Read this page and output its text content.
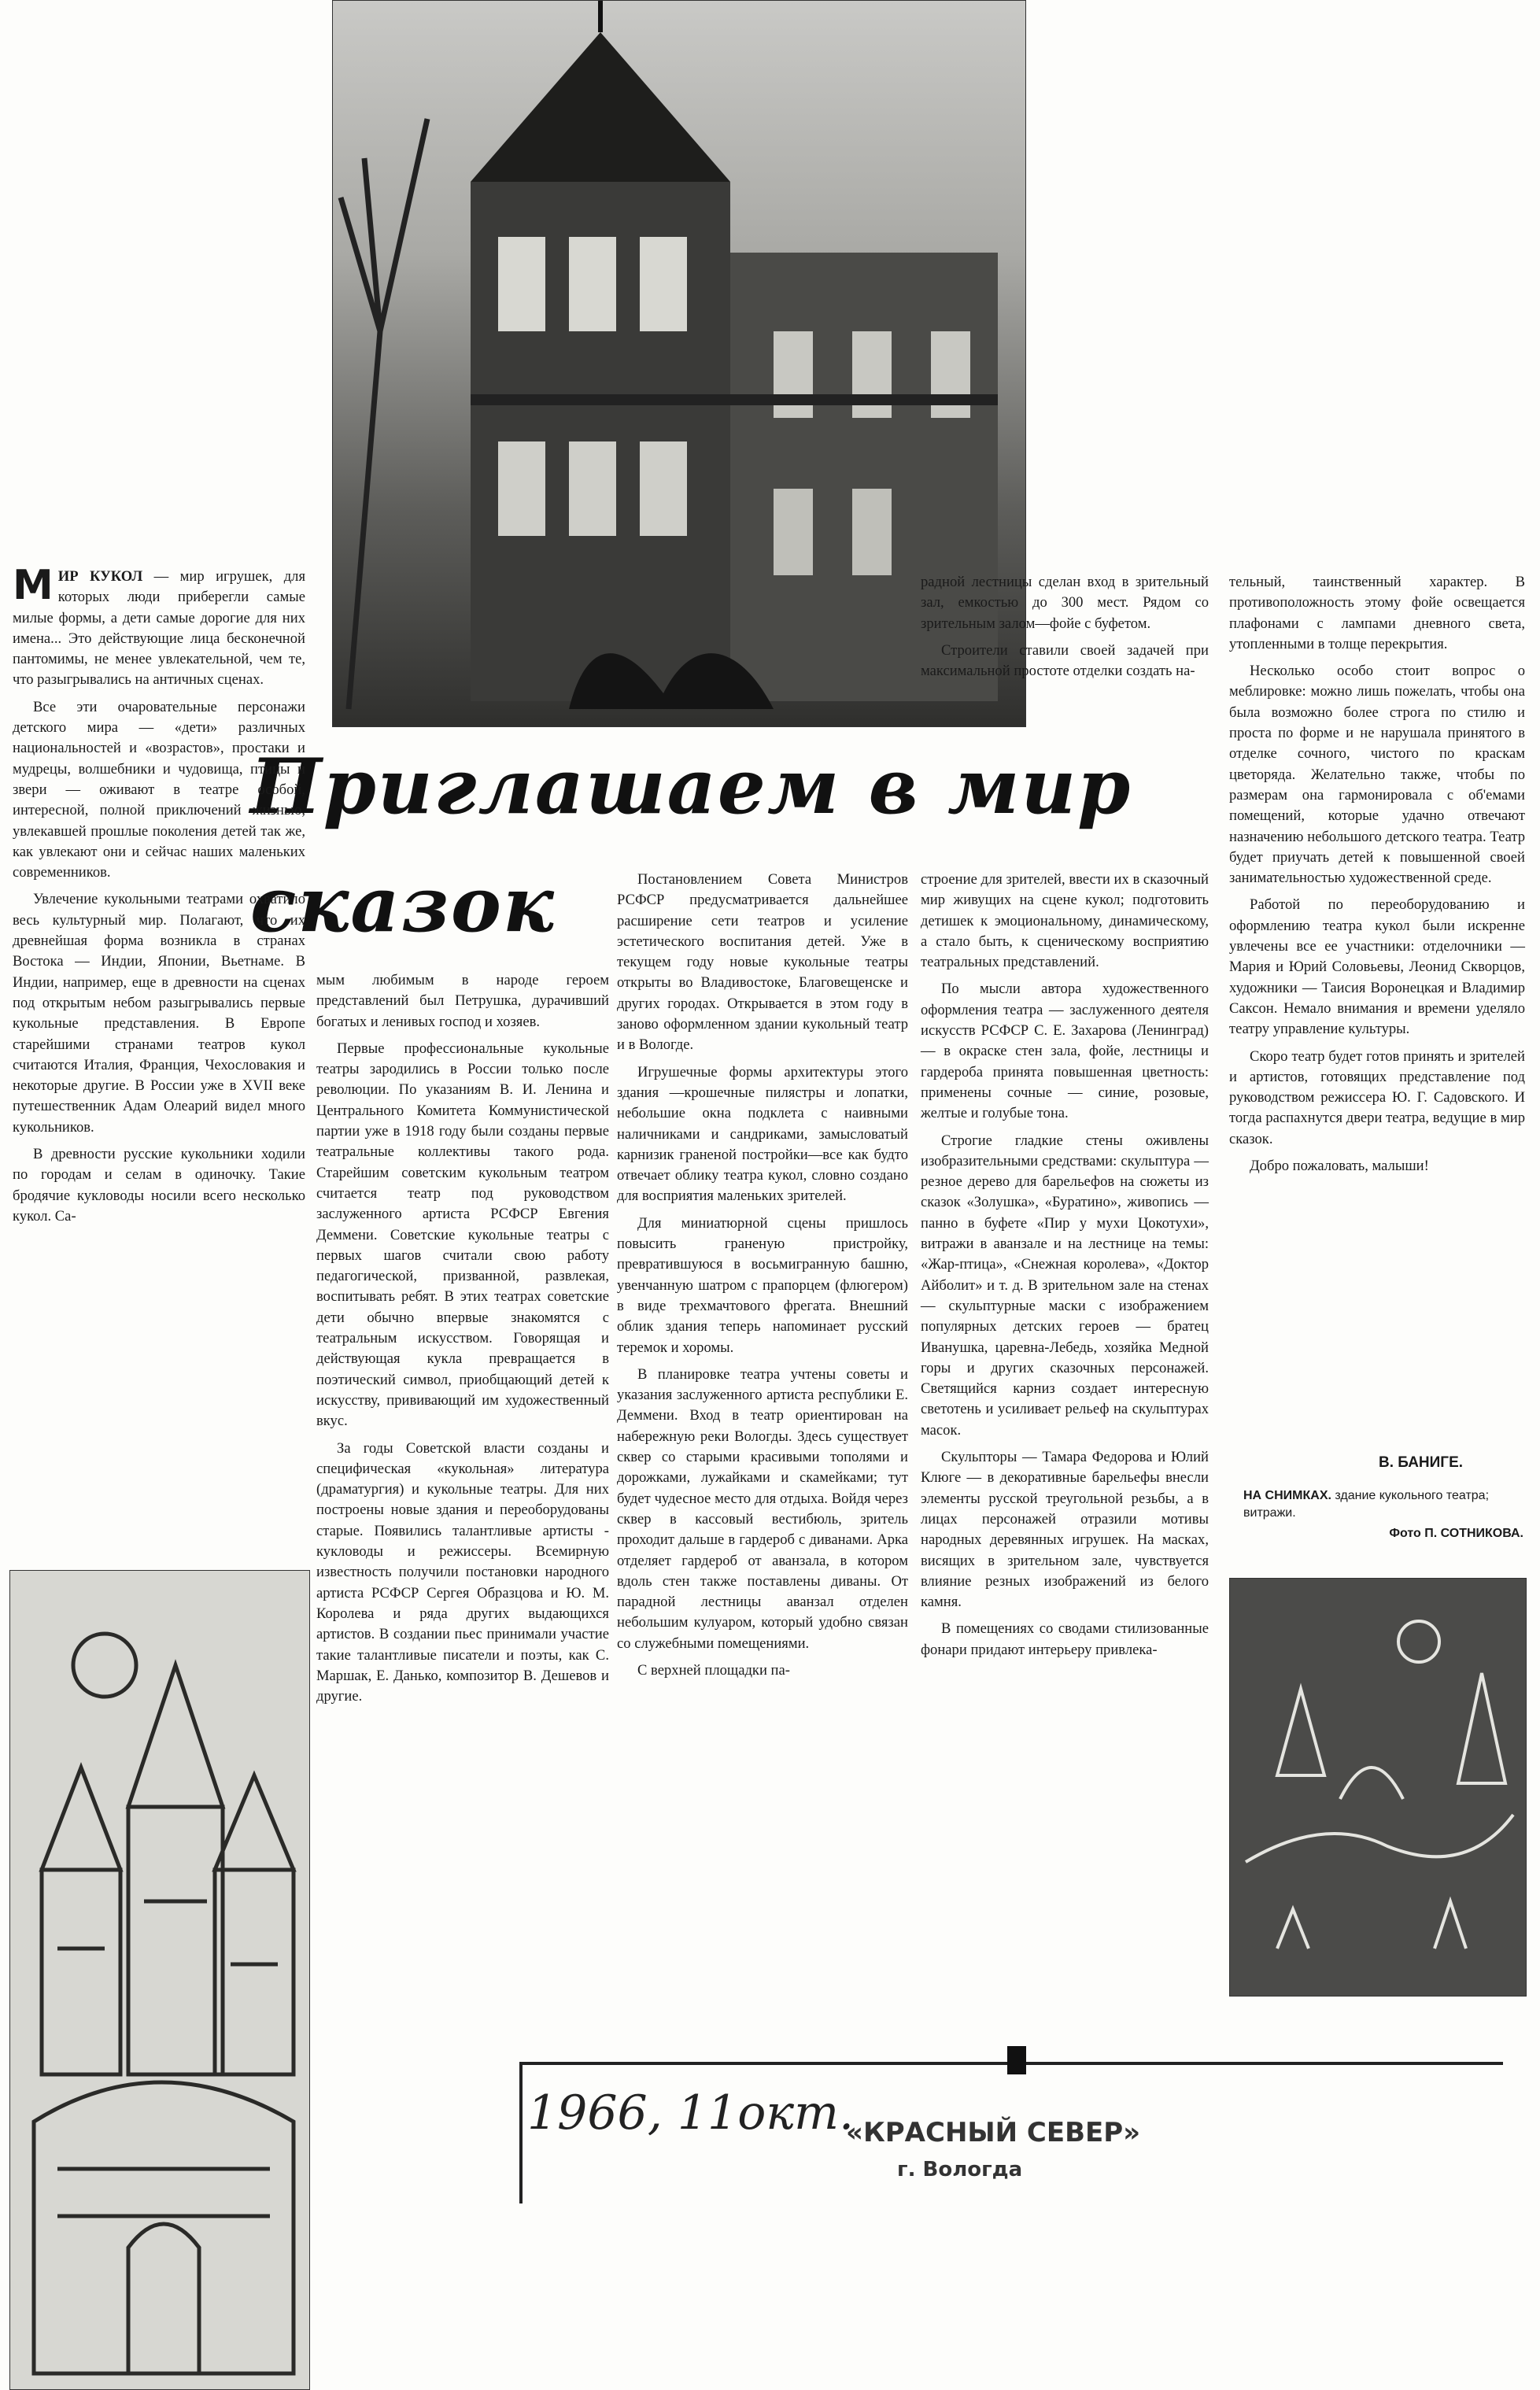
Приглашаем в мир
сказок

МИР КУКОЛ — мир игрушек, для которых люди приберегли самые милые формы, а дети самые дорогие для них имена... Это действующие лица бесконечной пантомимы, не менее увлекательной, чем те, что разыгрывались на античных сценах.

Все эти очаровательные персонажи детского мира — «дети» различных национальностей и «возрастов», простаки и мудрецы, волшебники и чудовища, птицы и звери — оживают в театре особой, интересной, полной приключений жизнью, увлекавшей прошлые поколения детей так же, как увлекают они и сейчас наших маленьких современников.

Увлечение кукольными театрами охватило весь культурный мир. Полагают, что их древнейшая форма возникла в странах Востока — Индии, Японии, Вьетнаме. В Индии, например, еще в древности на сценах под открытым небом разыгрывались первые кукольные представления. В Европе старейшими странами театров кукол считаются Италия, Франция, Чехословакия и некоторые другие. В России уже в XVII веке путешественник Адам Олеарий видел много кукольников.

В древности русские кукольники ходили по городам и селам в одиночку. Такие бродячие кукловоды носили всего несколько кукол. Са-

мым любимым в народе героем представлений был Петрушка, дурачивший богатых и ленивых господ и хозяев.

Первые профессиональные кукольные театры зародились в России только после революции. По указаниям В. И. Ленина и Центрального Комитета Коммунистической партии уже в 1918 году были созданы первые театральные коллективы такого рода. Старейшим советским кукольным театром считается театр под руководством заслуженного артиста РСФСР Евгения Деммени. Советские кукольные театры с первых шагов считали свою работу педагогической, призванной, развлекая, воспитывать ребят. В этих театрах советские дети обычно впервые знакомятся с театральным искусством. Говорящая и действующая кукла превращается в поэтический символ, приобщающий детей к искусству, прививающий им художественный вкус.

За годы Советской власти созданы и специфическая «кукольная» литература (драматургия) и кукольные театры. Для них построены новые здания и переоборудованы старые. Появились талантливые артисты - кукловоды и режиссеры. Всемирную известность получили постановки народного артиста РСФСР Сергея Образцова и Ю. М. Королева и ряда других выдающихся артистов. В создании пьес принимали участие такие талантливые писатели и поэты, как С. Маршак, Е. Данько, композитор В. Дешевов и другие.

Постановлением Совета Министров РСФСР предусматривается дальнейшее расширение сети театров и усиление эстетического воспитания детей. Уже в текущем году новые кукольные театры открыты во Владивостоке, Благовещенске и других городах. Открывается в этом году в заново оформленном здании кукольный театр и в Вологде.

Игрушечные формы архитектуры этого здания —крошечные пилястры и лопатки, небольшие окна подклета с наивными наличниками и сандриками, замысловатый карнизик граненой постройки—все как будто отвечает облику театра кукол, словно создано для восприятия маленьких зрителей.

Для миниатюрной сцены пришлось повысить граненую пристройку, превратившуюся в восьмигранную башню, увенчанную шатром с прапорцем (флюгером) в виде трехмачтового фрегата. Внешний облик здания теперь напоминает русский теремок и хоромы.

В планировке театра учтены советы и указания заслуженного артиста республики Е. Деммени. Вход в театр ориентирован на набережную реки Вологды. Здесь существует сквер со старыми красивыми тополями и дорожками, лужайками и скамейками; тут будет чудесное место для отдыха. Войдя через сквер в кассовый вестибюль, зритель проходит дальше в гардероб с диванами. Арка отделяет гардероб от аванзала, в котором вдоль стен также поставлены диваны. От парадной лестницы аванзал отделен небольшим кулуаром, который удобно связан со служебными помещениями.

С верхней площадки па-

радной лестницы сделан вход в зрительный зал, емкостью до 300 мест. Рядом со зрительным залом—фойе с буфетом.

Строители ставили своей задачей при максимальной простоте отделки создать на-

строение для зрителей, ввести их в сказочный мир живущих на сцене кукол; подготовить детишек к эмоциональному, динамическому, а стало быть, к сценическому восприятию театральных представлений.

По мысли автора художественного оформления театра — заслуженного деятеля искусств РСФСР С. Е. Захарова (Ленинград) — в окраске стен зала, фойе, лестницы и гардероба принята повышенная цветность: применены сочные — синие, розовые, желтые и голубые тона.

Строгие гладкие стены оживлены изобразительными средствами: скульптура —резное дерево для барельефов на сюжеты из сказок «Золушка», «Буратино», живопись — панно в буфете «Пир у мухи Цокотухи», витражи в аванзале и на лестнице на темы: «Жар-птица», «Снежная королева», «Доктор Айболит» и т. д. В зрительном зале на стенах — скульптурные маски с изображением популярных детских героев — братец Иванушка, царевна-Лебедь, хозяйка Медной горы и других сказочных персонажей. Светящийся карниз создает интересную светотень и усиливает рельеф на скульптурах масок.

Скульпторы — Тамара Федорова и Юлий Клюге — в декоративные барельефы внесли элементы русской треугольной резьбы, а в лицах персонажей отразили мотивы народных деревянных игрушек. На масках, висящих в зрительном зале, чувствуется влияние резных изображений из белого камня.

В помещениях со сводами стилизованные фонари придают интерьеру привлека-

тельный, таинственный характер. В противоположность этому фойе освещается плафонами с лампами дневного света, утопленными в толще перекрытия.

Несколько особо стоит вопрос о меблировке: можно лишь пожелать, чтобы она была возможно более строга по стилю и проста по форме и не нарушала принятого в отделке сочного, чистого по краскам цветоряда. Желательно также, чтобы по размерам она гармонировала с об'емами помещений, которые удачно отвечают назначению небольшого детского театра. Театр будет приучать детей к повышенной своей занимательностью художественной среде.

Работой по переоборудованию и оформлению театра кукол были искренне увлечены все ее участники: отделочники — Мария и Юрий Соловьевы, Леонид Скворцов, художники — Таисия Воронецкая и Владимир Саксон. Немало внимания и времени уделяло театру управление культуры.

Скоро театр будет готов принять и зрителей и артистов, готовящих представление под руководством режиссера Ю. Г. Садовского. И тогда распахнутся двери театра, ведущие в мир сказок.

Добро пожаловать, малыши!

В. БАНИГЕ.
НА СНИМКАХ. здание кукольного театра; витражи.
Фото П. СОТНИКОВА.
1966, 11окт.
«КРАСНЫЙ СЕВЕР»
г. Вологда
